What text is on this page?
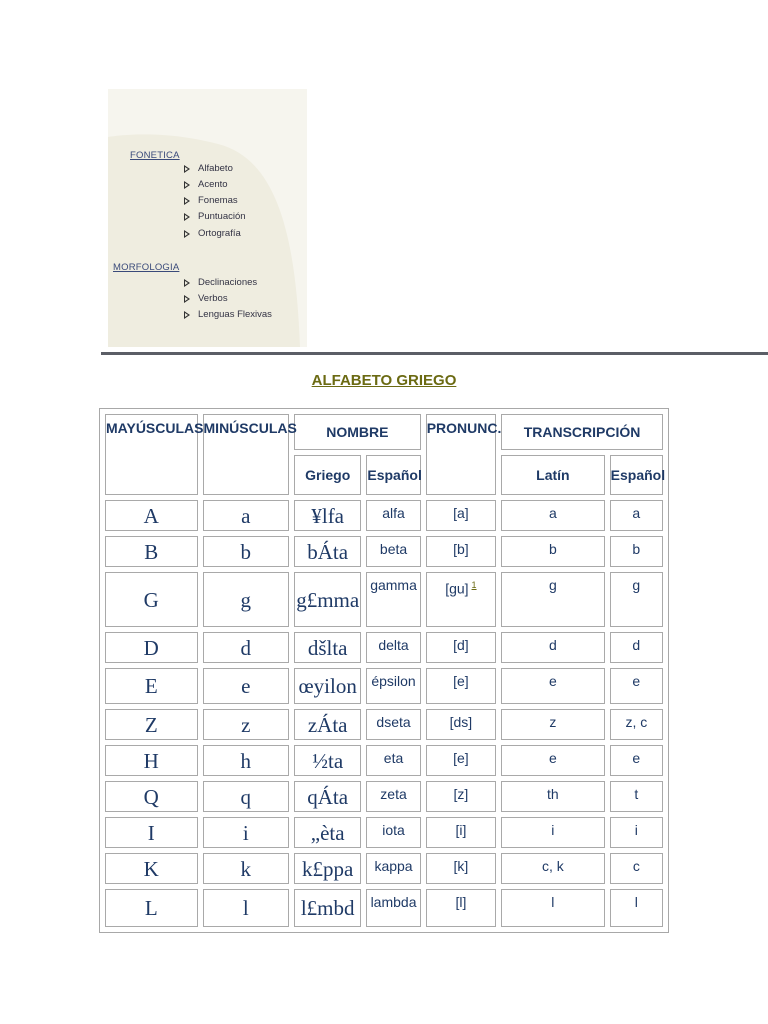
FONETICA
Alfabeto
Acento
Fonemas
Puntuación
Ortografía
MORFOLOGIA
Declinaciones
Verbos
Lenguas Flexivas
ALFABETO GRIEGO
MAYÚSCULAS	MINÚSCULAS	NOMBRE		PRONUNC.	TRANSCRIPCIÓN	
		Griego	Español		Latín	Español
A	a	¥lfa	alfa	[a]	a	a
B	b	bÁta	beta	[b]	b	b
G	g	g£mma	gamma	[gu] $^1$	g	g
D	d	dšlta	delta	[d]	d	d
E	e	œyilon	épsilon	[e]	e	e
Z	z	zÁta	dseta	[ds]	z	z, c
H	h	½ta	eta	[e]	e	e
Q	q	qÁta	zeta	[z]	th	t
I	i	„èta	iota	[i]	i	i
K	k	k£ppa	kappa	[k]	c, k	c
L	l	l£mbd	lambda	[l]	l	l
